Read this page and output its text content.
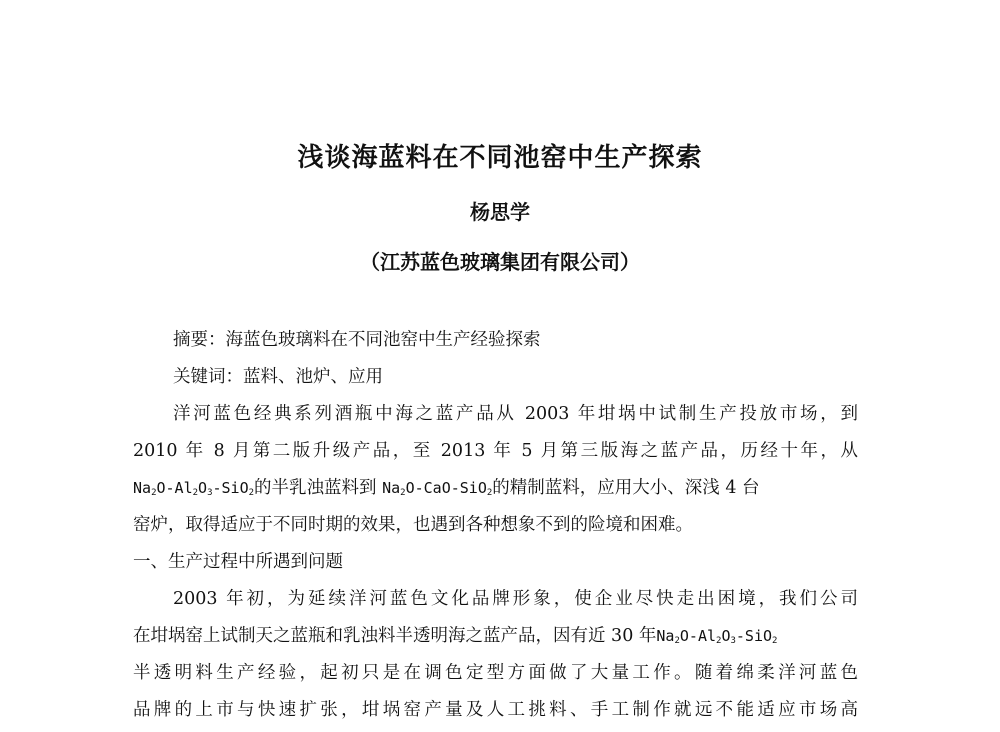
浅谈海蓝料在不同池窑中生产探索
杨思学
（江苏蓝色玻璃集团有限公司）
摘要：海蓝色玻璃料在不同池窑中生产经验探索
关键词：蓝料、池炉、应用
洋河蓝色经典系列酒瓶中海之蓝产品从 2003 年坩埚中试制生产投放市场，到
2010 年 8 月第二版升级产品，至 2013 年 5 月第三版海之蓝产品，历经十年，从
$Na_2O-Al_2O_3-SiO_2$的半乳浊蓝料到 $Na_2O-CaO-SiO_2$的精制蓝料，应用大小、深浅 4 台
窑炉，取得适应于不同时期的效果，也遇到各种想象不到的险境和困难。
一、生产过程中所遇到问题
2003 年初，为延续洋河蓝色文化品牌形象，使企业尽快走出困境，我们公司
在坩埚窑上试制天之蓝瓶和乳浊料半透明海之蓝产品，因有近 30 年$Na_2O-Al_2O_3-SiO_2$
半透明料生产经验，起初只是在调色定型方面做了大量工作。随着绵柔洋河蓝色
品牌的上市与快速扩张，坩埚窑产量及人工挑料、手工制作就远不能适应市场高
